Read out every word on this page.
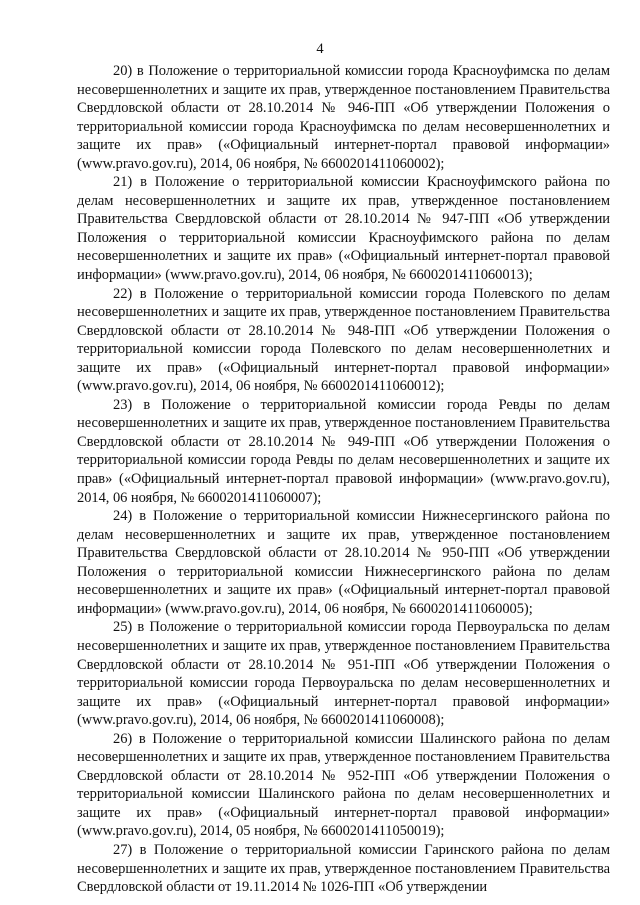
4

20) в Положение о территориальной комиссии города Красноуфимска по делам несовершеннолетних и защите их прав, утвержденное постановлением Правительства Свердловской области от 28.10.2014 № 946-ПП «Об утверждении Положения о территориальной комиссии города Красноуфимска по делам несовершеннолетних и защите их прав» («Официальный интернет-портал правовой информации» (www.pravo.gov.ru), 2014, 06 ноября, № 6600201411060002);

21) в Положение о территориальной комиссии Красноуфимского района по делам несовершеннолетних и защите их прав, утвержденное постановлением Правительства Свердловской области от 28.10.2014 № 947-ПП «Об утверждении Положения о территориальной комиссии Красноуфимского района по делам несовершеннолетних и защите их прав» («Официальный интернет-портал правовой информации» (www.pravo.gov.ru), 2014, 06 ноября, № 6600201411060013);

22) в Положение о территориальной комиссии города Полевского по делам несовершеннолетних и защите их прав, утвержденное постановлением Правительства Свердловской области от 28.10.2014 № 948-ПП «Об утверждении Положения о территориальной комиссии города Полевского по делам несовершеннолетних и защите их прав» («Официальный интернет-портал правовой информации» (www.pravo.gov.ru), 2014, 06 ноября, № 6600201411060012);

23) в Положение о территориальной комиссии города Ревды по делам несовершеннолетних и защите их прав, утвержденное постановлением Правительства Свердловской области от 28.10.2014 № 949-ПП «Об утверждении Положения о территориальной комиссии города Ревды по делам несовершеннолетних и защите их прав» («Официальный интернет-портал правовой информации» (www.pravo.gov.ru), 2014, 06 ноября, № 6600201411060007);

24) в Положение о территориальной комиссии Нижнесергинского района по делам несовершеннолетних и защите их прав, утвержденное постановлением Правительства Свердловской области от 28.10.2014 № 950-ПП «Об утверждении Положения о территориальной комиссии Нижнесергинского района по делам несовершеннолетних и защите их прав» («Официальный интернет-портал правовой информации» (www.pravo.gov.ru), 2014, 06 ноября, № 6600201411060005);

25) в Положение о территориальной комиссии города Первоуральска по делам несовершеннолетних и защите их прав, утвержденное постановлением Правительства Свердловской области от 28.10.2014 № 951-ПП «Об утверждении Положения о территориальной комиссии города Первоуральска по делам несовершеннолетних и защите их прав» («Официальный интернет-портал правовой информации» (www.pravo.gov.ru), 2014, 06 ноября, № 6600201411060008);

26) в Положение о территориальной комиссии Шалинского района по делам несовершеннолетних и защите их прав, утвержденное постановлением Правительства Свердловской области от 28.10.2014 № 952-ПП «Об утверждении Положения о территориальной комиссии Шалинского района по делам несовершеннолетних и защите их прав» («Официальный интернет-портал правовой информации» (www.pravo.gov.ru), 2014, 05 ноября, № 6600201411050019);

27) в Положение о территориальной комиссии Гаринского района по делам несовершеннолетних и защите их прав, утвержденное постановлением Правительства Свердловской области от 19.11.2014 № 1026-ПП «Об утверждении
